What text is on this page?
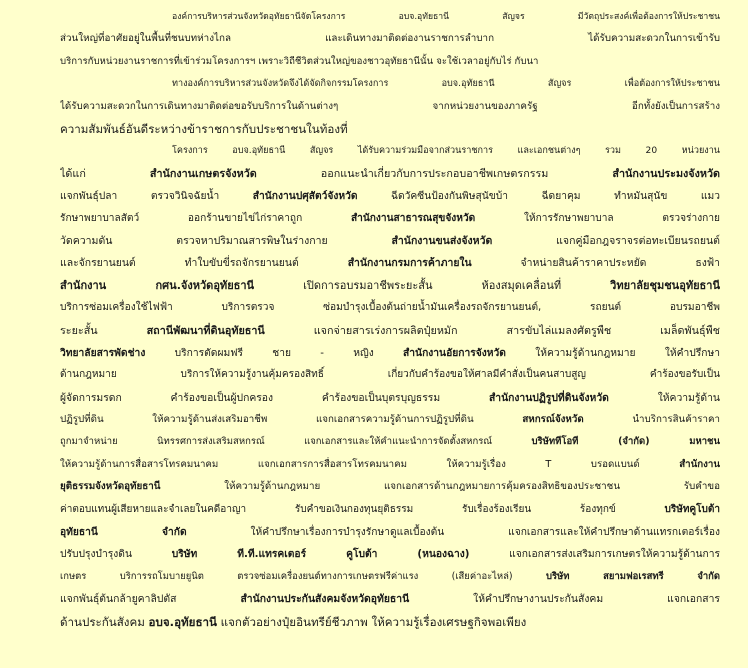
องค์การบริหารส่วนจังหวัดอุทัยธานีจัดโครงการ อบจ.อุทัยธานี สัญจร มีวัตถุประสงค์เพื่อต้องการให้ประชาชน
ส่วนใหญ่ที่อาศัยอยู่ในพื้นที่ชนบทห่างไกล และเดินทางมาติดต่องานราชการลำบาก ได้รับความสะดวกในการเข้ารับ
บริการกับหน่วยงานราชการที่เข้าร่วมโครงการฯ เพราะวิถีชีวิตส่วนใหญ่ของชาวอุทัยธานีนั้น จะใช้เวลาอยู่กับไร่ กับนา
ทางองค์การบริหารส่วนจังหวัดจึงได้จัดกิจกรรมโครงการ อบจ.อุทัยธานี สัญจร เพื่อต้องการให้ประชาชน
ได้รับความสะดวกในการเดินทางมาติดต่อขอรับบริการในด้านต่างๆ จากหน่วยงานของภาครัฐ อีกทั้งยังเป็นการสร้าง
ความสัมพันธ์อันดีระหว่างข้าราชการกับประชาชนในท้องที่
โครงการ อบจ.อุทัยธานี สัญจร ได้รับความร่วมมือจากส่วนราชการ และเอกชนต่างๆ รวม 20 หน่วยงาน
ได้แก่ สำนักงานเกษตรจังหวัด ออกแนะนำเกี่ยวกับการประกอบอาชีพเกษตรกรรม สำนักงานประมงจังหวัด
แจกพันธุ์ปลา ตรวจวินิจฉัยน้ำ สำนักงานปศุสัตว์จังหวัด ฉีดวัคซีนป้องกันพิษสุนัขบ้า ฉีดยาคุม ทำหมันสุนัข แมว
รักษาพยาบาลสัตว์ ออกร้านขายไข่ไก่ราคาถูก สำนักงานสาธารณสุขจังหวัด ให้การรักษาพยาบาล ตรวจร่างกาย
วัดความดัน ตรวจหาปริมาณสารพิษในร่างกาย สำนักงานขนส่งจังหวัด แจกคู่มือกฎจราจรต่อทะเบียนรถยนต์
และจักรยานยนต์ ทำใบขับขี่รถจักรยานยนต์ สำนักงานกรมการค้าภายใน จำหน่ายสินค้าราคาประหยัด ธงฟ้า
สำนักงาน กศน.จังหวัดอุทัยธานี เปิดการอบรมอาชีพระยะสั้น ห้องสมุดเคลื่อนที่ วิทยาลัยชุมชนอุทัยธานี
บริการซ่อมเครื่องใช้ไฟฟ้า บริการตรวจ ซ่อมบำรุงเบื้องต้นถ่ายน้ำมันเครื่องรถจักรยานยนต์, รถยนต์ อบรมอาชีพ
ระยะสั้น สถานีพัฒนาที่ดินอุทัยธานี แจกจ่ายสารเร่งการผลิตปุ๋ยหมัก สารขับไล่แมลงศัตรูพืช เมล็ดพันธุ์พืช
วิทยาลัยสารพัดช่าง บริการตัดผมฟรี ชาย - หญิง สำนักงานอัยการจังหวัด ให้ความรู้ด้านกฎหมาย ให้คำปรึกษา
ด้านกฎหมาย บริการให้ความรู้งานคุ้มครองสิทธิ์ เกี่ยวกับคำร้องขอให้ศาลมีคำสั่งเป็นคนสาบสูญ คำร้องขอรับเป็น
ผู้จัดการมรดก คำร้องขอเป็นผู้ปกครอง คำร้องขอเป็นบุตรบุญธรรม สำนักงานปฏิรูปที่ดินจังหวัด ให้ความรู้ด้าน
ปฏิรูปที่ดิน ให้ความรู้ด้านส่งเสริมอาชีพ แจกเอกสารความรู้ด้านการปฏิรูปที่ดิน สหกรณ์จังหวัด นำบริการสินค้าราคา
ถูกมาจำหน่าย นิทรรศการส่งเสริมสหกรณ์ แจกเอกสารและให้คำแนะนำการจัดตั้งสหกรณ์ บริษัททีโอที (จำกัด) มหาชน
ให้ความรู้ด้านการสื่อสารโทรคมนาคม แจกเอกสารการสื่อสารโทรคมนาคม ให้ความรู้เรื่อง T บรอดแบนด์ สำนักงาน
ยุติธรรมจังหวัดอุทัยธานี ให้ความรู้ด้านกฎหมาย แจกเอกสารด้านกฎหมายการคุ้มครองสิทธิของประชาชน รับคำขอ
ค่าตอบแทนผู้เสียหายและจำเลยในคดีอาญา รับคำขอเงินกองทุนยุติธรรม รับเรื่องร้องเรียน ร้องทุกข์ บริษัทคูโบต้า
อุทัยธานี จำกัด ให้คำปรึกษาเรื่องการบำรุงรักษาดูแลเบื้องต้น แจกเอกสารและให้คำปรึกษาด้านแทรกเตอร์เรื่อง
ปรับปรุงบำรุงดิน บริษัท ที.ที.แทรคเตอร์ คูโบต้า (หนองฉาง) แจกเอกสารส่งเสริมการเกษตรให้ความรู้ด้านการ
เกษตร บริการรถโมบายยูนิต ตรวจซ่อมเครื่องยนต์ทางการเกษตรฟรีค่าแรง (เสียค่าอะไหล่) บริษัท สยามฟอเรสทรี จำกัด
แจกพันธุ์ต้นกล้ายูคาลิปตัส สำนักงานประกันสังคมจังหวัดอุทัยธานี ให้คำปรึกษางานประกันสังคม แจกเอกสาร
ด้านประกันสังคม อบจ.อุทัยธานี แจกตัวอย่างปุ๋ยอินทรีย์ชีวภาพ ให้ความรู้เรื่องเศรษฐกิจพอเพียง
